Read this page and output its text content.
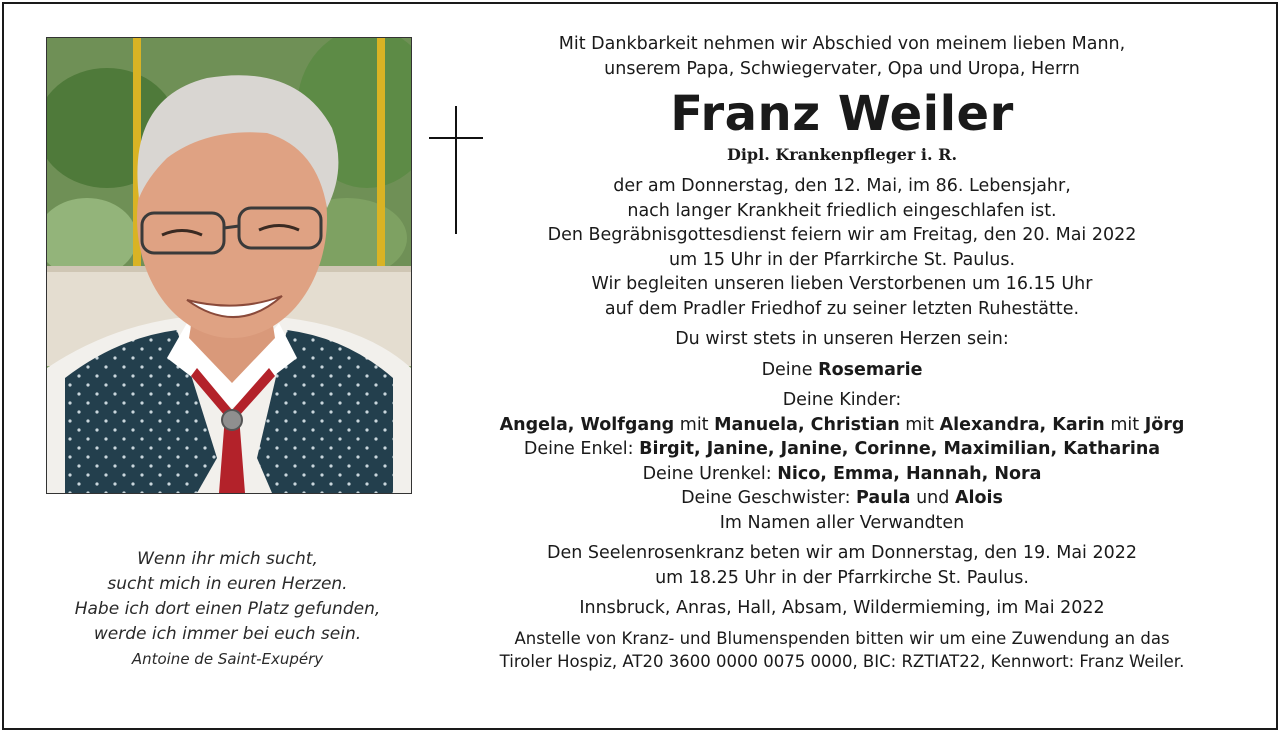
Wenn ihr mich sucht,
sucht mich in euren Herzen.
Habe ich dort einen Platz gefunden,
werde ich immer bei euch sein.
Antoine de Saint-Exupéry
Mit Dankbarkeit nehmen wir Abschied von meinem lieben Mann,
unserem Papa, Schwiegervater, Opa und Uropa, Herrn
Franz Weiler
Dipl. Krankenpfleger i. R.
der am Donnerstag, den 12. Mai, im 86. Lebensjahr,
nach langer Krankheit friedlich eingeschlafen ist.
Den Begräbnisgottesdienst feiern wir am Freitag, den 20. Mai 2022
um 15 Uhr in der Pfarrkirche St. Paulus.
Wir begleiten unseren lieben Verstorbenen um 16.15 Uhr
auf dem Pradler Friedhof zu seiner letzten Ruhestätte.
Du wirst stets in unseren Herzen sein:
Deine Rosemarie
Deine Kinder:
Angela, Wolfgang mit Manuela, Christian mit Alexandra, Karin mit Jörg
Deine Enkel: Birgit, Janine, Janine, Corinne, Maximilian, Katharina
Deine Urenkel: Nico, Emma, Hannah, Nora
Deine Geschwister: Paula und Alois
Im Namen aller Verwandten
Den Seelenrosenkranz beten wir am Donnerstag, den 19. Mai 2022
um 18.25 Uhr in der Pfarrkirche St. Paulus.
Innsbruck, Anras, Hall, Absam, Wildermieming, im Mai 2022
Anstelle von Kranz- und Blumenspenden bitten wir um eine Zuwendung an das
Tiroler Hospiz, AT20 3600 0000 0075 0000, BIC: RZTIAT22, Kennwort: Franz Weiler.
